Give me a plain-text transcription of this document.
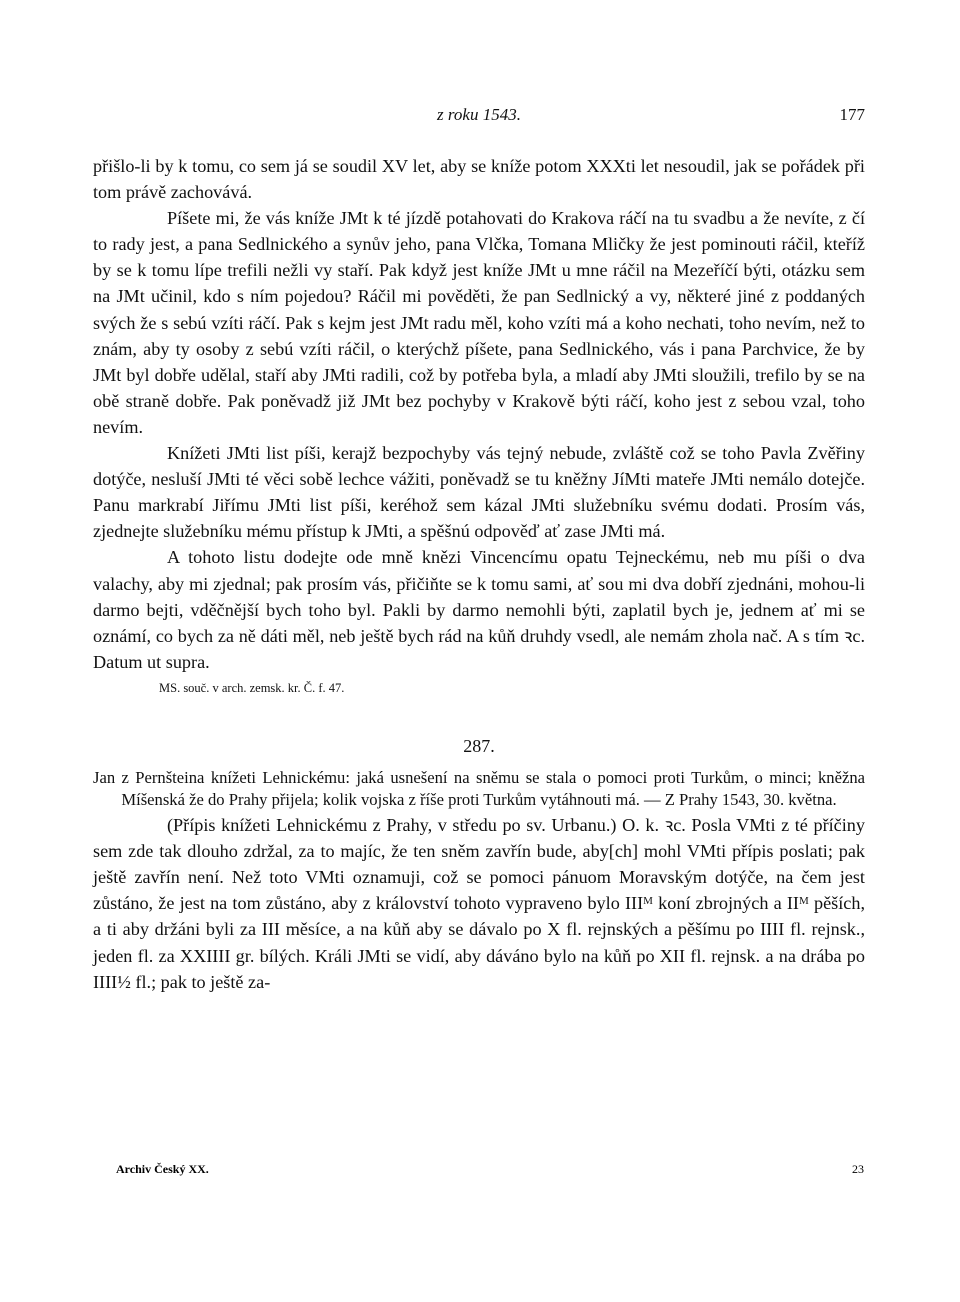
z roku 1543.	177

přišlo-li by k tomu, co sem já se soudil XV let, aby se kníže potom XXXti let nesoudil, jak se pořádek při tom právě zachovává.

Píšete mi, že vás kníže JMt k té jízdě potahovati do Krakova ráčí na tu svadbu a že nevíte, z čí to rady jest, a pana Sedlnického a synův jeho, pana Vlčka, Tomana Mličky že jest pominouti ráčil, kteříž by se k tomu lípe trefili nežli vy staří. Pak když jest kníže JMt u mne ráčil na Mezeříčí býti, otázku sem na JMt učinil, kdo s ním pojedou? Ráčil mi pověděti, že pan Sedlnický a vy, některé jiné z poddaných svých že s sebú vzíti ráčí. Pak s kejm jest JMt radu měl, koho vzíti má a koho nechati, toho nevím, než to znám, aby ty osoby z sebú vzíti ráčil, o kterýchž píšete, pana Sedlnického, vás i pana Parchvice, že by JMt byl dobře udělal, staří aby JMti radili, což by potřeba byla, a mladí aby JMti sloužili, trefilo by se na obě straně dobře. Pak poněvadž již JMt bez pochyby v Krakově býti ráčí, koho jest z sebou vzal, toho nevím.

Knížeti JMti list píši, kerajž bezpochyby vás tejný nebude, zvláště což se toho Pavla Zvěřiny dotýče, nesluší JMti té věci sobě lechce vážiti, poněvadž se tu kněžny JíMti mateře JMti nemálo dotejče. Panu markrabí Jiřímu JMti list píši, keréhož sem kázal JMti služebníku svému dodati. Prosím vás, zjednejte služebníku mému přístup k JMti, a spěšnú odpověď ať zase JMti má.

A tohoto listu dodejte ode mně knězi Vincencímu opatu Tejneckému, neb mu píši o dva valachy, aby mi zjednal; pak prosím vás, přičiňte se k tomu sami, ať sou mi dva dobří zjednáni, mohou-li darmo bejti, vděčnější bych toho byl. Pakli by darmo nemohli býti, zaplatil bych je, jednem ať mi se oznámí, co bych za ně dáti měl, neb ještě bych rád na kůň druhdy vsedl, ale nemám zhola nač. A s tím ꝛc. Datum ut supra.

MS. souč. v arch. zemsk. kr. Č. f. 47.
287.

Jan z Pernšteina knížeti Lehnickému: jaká usnešení na sněmu se stala o pomoci proti Turkům, o minci; kněžna Míšenská že do Prahy přijela; kolik vojska z říše proti Turkům vytáhnouti má. — Z Prahy 1543, 30. května.

(Přípis knížeti Lehnickému z Prahy, v středu po sv. Urbanu.) O. k. ꝛc. Posla VMti z té příčiny sem zde tak dlouho zdržal, za to majíc, že ten sněm zavřín bude, aby[ch] mohl VMti přípis poslati; pak ještě zavřín není. Než toto VMti oznamuji, což se pomoci pánuom Moravským dotýče, na čem jest zůstáno, že jest na tom zůstáno, aby z království tohoto vypraveno bylo IIIᴹ koní zbrojných a IIᴹ pěších, a ti aby držáni byli za III měsíce, a na kůň aby se dávalo po X fl. rejnských a pěšímu po IIII fl. rejnsk., jeden fl. za XXIIII gr. bílých. Králi JMti se vidí, aby dáváno bylo na kůň po XII fl. rejnsk. a na drába po IIII½ fl.; pak to ještě za-

Archiv Český XX.	23
